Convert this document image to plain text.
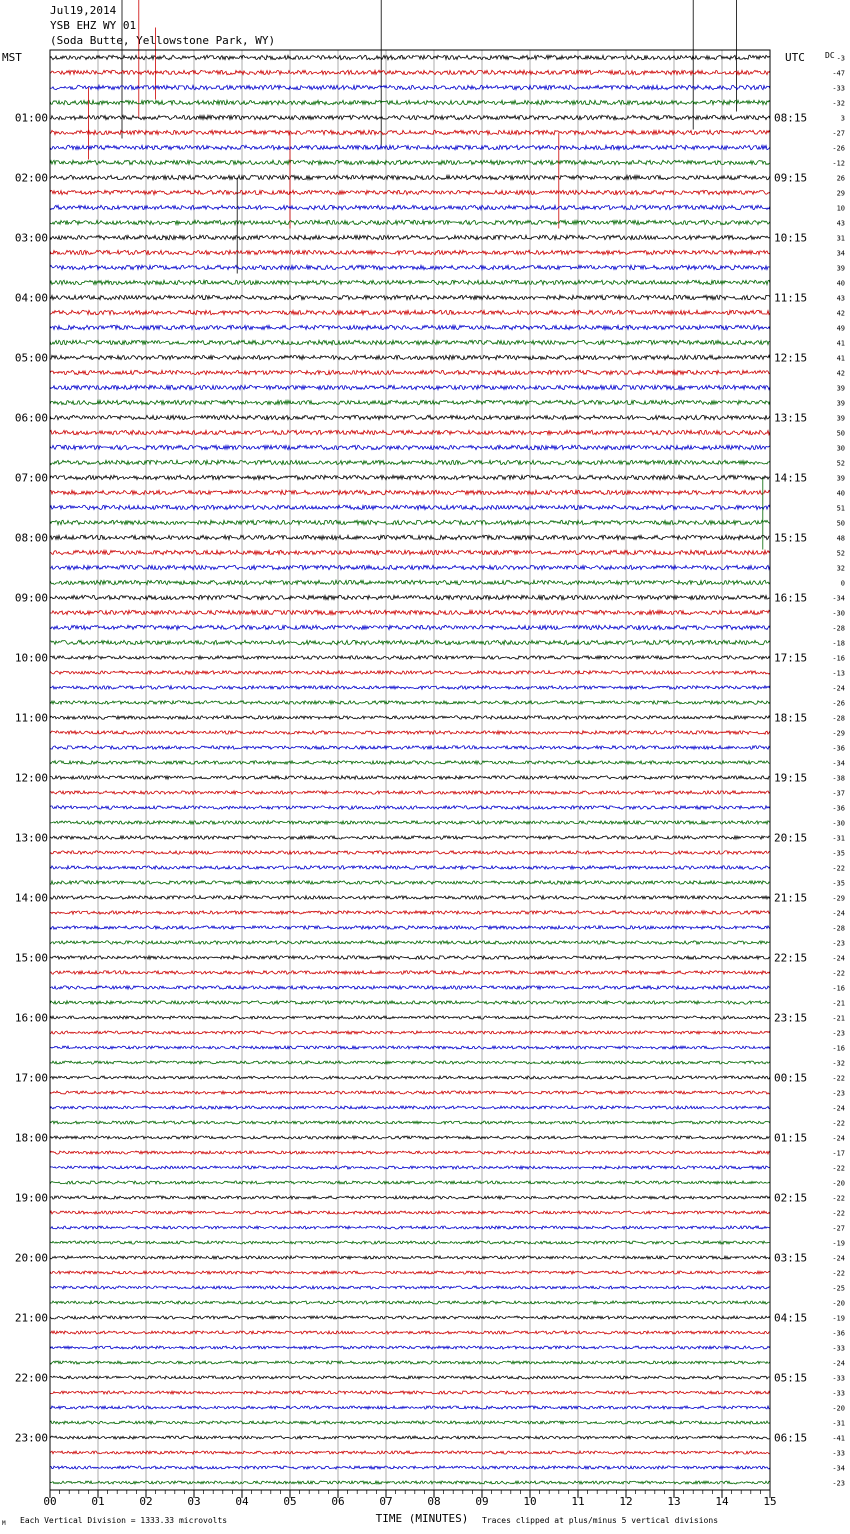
Jul19,2014
YSB EHZ WY 01
(Soda Butte, Yellowstone Park, WY)
00	01	02	03	04	05	06	07	08	09	10	11	12	13	14	15
-3
-47
-33
-32
3
01:00	08:15
-27
-26
-12
26
02:00	09:15
29
10
43
31
03:00	10:15
34
39
40
43
04:00	11:15
42
49
41
41
05:00	12:15
42
39
39
39
06:00	13:15
50
30
52
39
07:00	14:15
40
51
50
48
08:00	15:15
52
32
0
-34
09:00	16:15
-30
-28
-18
-16
10:00	17:15
-13
-24
-26
-28
11:00	18:15
-29
-36
-34
-38
12:00	19:15
-37
-36
-30
-31
13:00	20:15
-35
-22
-35
-29
14:00	21:15
-24
-28
-23
-24
15:00	22:15
-22
-16
-21
-21
16:00	23:15
-23
-16
-32
-22
17:00	00:15
-23
-24
-22
-24
18:00	01:15
-17
-22
-20
-22
19:00	02:15
-22
-27
-19
-24
20:00	03:15
-22
-25
-20
-19
21:00	04:15
-36
-33
-24
-33
22:00	05:15
-33
-20
-31
-41
23:00	06:15
-33
-34
-23
MST	UTC	DC
TIME (MINUTES)
Each Vertical Division = 1333.33 microvolts	Traces clipped at plus/minus 5 vertical divisions
M
